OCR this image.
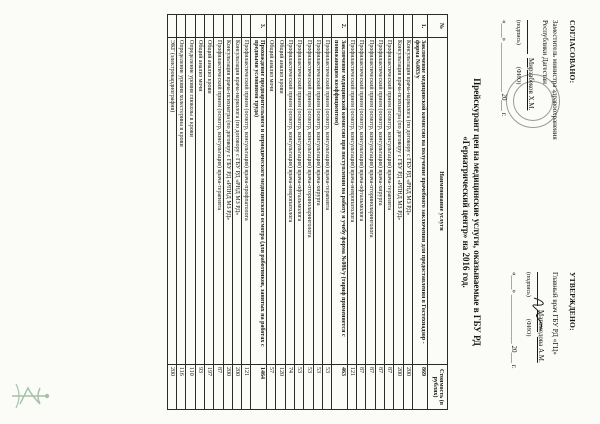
СОГЛАСОВАНО:
Заместитель министра здравоохранения
Республики Дагестан
Мирзабеков Х.М.
(подпись)
(ФИО)
«____» ______________ 20___ г.
УТВЕРЖДЕНО:
Главный врач ГБУ РД «ГЦ»
Магомедова А.М.
(подпись)
(ФИО)
«____» ______________ 20___ г.
Прейскурант цен на медицинские услуги, оказываемые в ГБУ РД
«Гериатрический центр» на 2016 год.
№	Наименование услуги	Стоимость (в рублях)
1.	Заключение медицинской комиссии на получение врачебного заключения для предоставления в Гостехнадзор - форма №083/у	869
	Консультация врача-нарколога (по договору с ГБУ РД «РНД МЗ РД»	200
	Консультация врача-психиатра (по договору с ГБУ РД «РПНД МЗ РД»	200
	Профилактический прием (осмотр, консультация) врача-терапевта	87
	Профилактический прием (осмотр, консультация) врача-хирурга	87
	Профилактический прием (осмотр, консультация) врача-оториноларинголога	87
	Профилактический прием (осмотр, консультация) врача-офтальмолога	87
	Профилактический прием (осмотр, консультация) врача-невропатолога	121
2.	Заключение медицинской комиссии при поступлении на работу и учебу форма №086/у (тариф применяется с понижающим коэффициентом)	463
	Профилактический прием (осмотр, консультация) врача-терапевта	53
	Профилактический прием (осмотр, консультация) врача-хирурга	53
	Профилактический прием (осмотр, консультация) врача-оториноларинголога	53
	Профилактический прием (осмотр, консультация) врача-офтальмолога	53
	Профилактический прием (осмотр, консультация) врача-невропатолога	74
	Общий анализ крови	120
	Общий анализ мочи	57
3.	Прохождение предварительного и периодического медицинского осмотра (для работников, занятых на работах с вредными условиями труда)	1464
	Профилактический прием (осмотр, консультация) врача-профпатолога	121
	Консультация врача-нарколога (по договору с ГБУ РД «РНД МЗ РД»	200
	Консультация врача-психиатра (по договору с ГБУ РД «РПНД МЗ РД»	200
	Профилактический прием (осмотр, консультация) врача-терапевта	87
	Общий анализ крови	197
	Общий анализ мочи	93
	Определение уровня глюкозы в крови	110
	Определение уровня холестерина в крови	116
	ЭКГ (электрокардиография)	200
